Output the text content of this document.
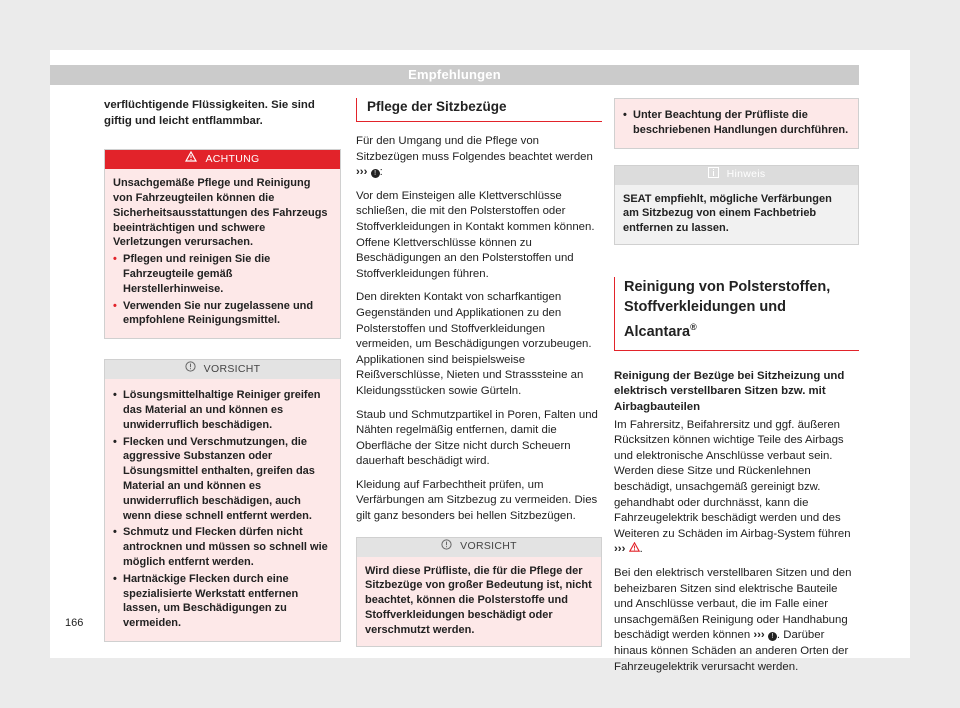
Empfehlungen

verflüchtigende Flüssigkeiten. Sie sind giftig und leicht entflammbar.

ACHTUNG
Unsachgemäße Pflege und Reinigung von Fahrzeugteilen können die Sicherheitsausstattungen des Fahrzeugs beeinträchtigen und schwere Verletzungen verursachen.
• Pflegen und reinigen Sie die Fahrzeugteile gemäß Herstellerhinweise.
• Verwenden Sie nur zugelassene und empfohlene Reinigungsmittel.
VORSICHT
• Lösungsmittelhaltige Reiniger greifen das Material an und können es unwiderruflich beschädigen.
• Flecken und Verschmutzungen, die aggressive Substanzen oder Lösungsmittel enthalten, greifen das Material an und können es unwiderruflich beschädigen, auch wenn diese schnell entfernt werden.
• Schmutz und Flecken dürfen nicht antrocknen und müssen so schnell wie möglich entfernt werden.
• Hartnäckige Flecken durch eine spezialisierte Werkstatt entfernen lassen, um Beschädigungen zu vermeiden.
Pflege der Sitzbezüge

Für den Umgang und die Pflege von Sitzbezügen muss Folgendes beachtet werden ››› ! :

Vor dem Einsteigen alle Klettverschlüsse schließen, die mit den Polsterstoffen oder Stoffverkleidungen in Kontakt kommen können. Offene Klettverschlüsse können zu Beschädigungen an den Polsterstoffen und Stoffverkleidungen führen.

Den direkten Kontakt von scharfkantigen Gegenständen und Applikationen zu den Polsterstoffen und Stoffverkleidungen vermeiden, um Beschädigungen vorzubeugen. Applikationen sind beispielsweise Reißverschlüsse, Nieten und Strasssteine an Kleidungsstücken sowie Gürteln.

Staub und Schmutzpartikel in Poren, Falten und Nähten regelmäßig entfernen, damit die Oberfläche der Sitze nicht durch Scheuern dauerhaft beschädigt wird.

Kleidung auf Farbechtheit prüfen, um Verfärbungen am Sitzbezug zu vermeiden. Dies gilt ganz besonders bei hellen Sitzbezügen.

VORSICHT
Wird diese Prüfliste, die für die Pflege der Sitzbezüge von großer Bedeutung ist, nicht beachtet, können die Polsterstoffe und Stoffverkleidungen beschädigt oder verschmutzt werden.
• Unter Beachtung der Prüfliste die beschriebenen Handlungen durchführen.
Hinweis
SEAT empfiehlt, mögliche Verfärbungen am Sitzbezug von einem Fachbetrieb entfernen zu lassen.
Reinigung von Polsterstoffen,
Stoffverkleidungen und Alcantara®

Reinigung der Bezüge bei Sitzheizung und elektrisch verstellbaren Sitzen bzw. mit Airbagbauteilen

Im Fahrersitz, Beifahrersitz und ggf. äußeren Rücksitzen können wichtige Teile des Airbags und elektronische Anschlüsse verbaut sein. Werden diese Sitze und Rückenlehnen beschädigt, unsachgemäß gereinigt bzw. gehandhabt oder durchnässt, kann die Fahrzeugelektrik beschädigt werden und des Weiteren zu Schäden im Airbag-System führen ››› .

Bei den elektrisch verstellbaren Sitzen und den beheizbaren Sitzen sind elektrische Bauteile und Anschlüsse verbaut, die im Falle einer unsachgemäßen Reinigung oder Handhabung beschädigt werden können ››› ! . Darüber hinaus können Schäden an anderen Orten der Fahrzeugelektrik verursacht werden.

166
